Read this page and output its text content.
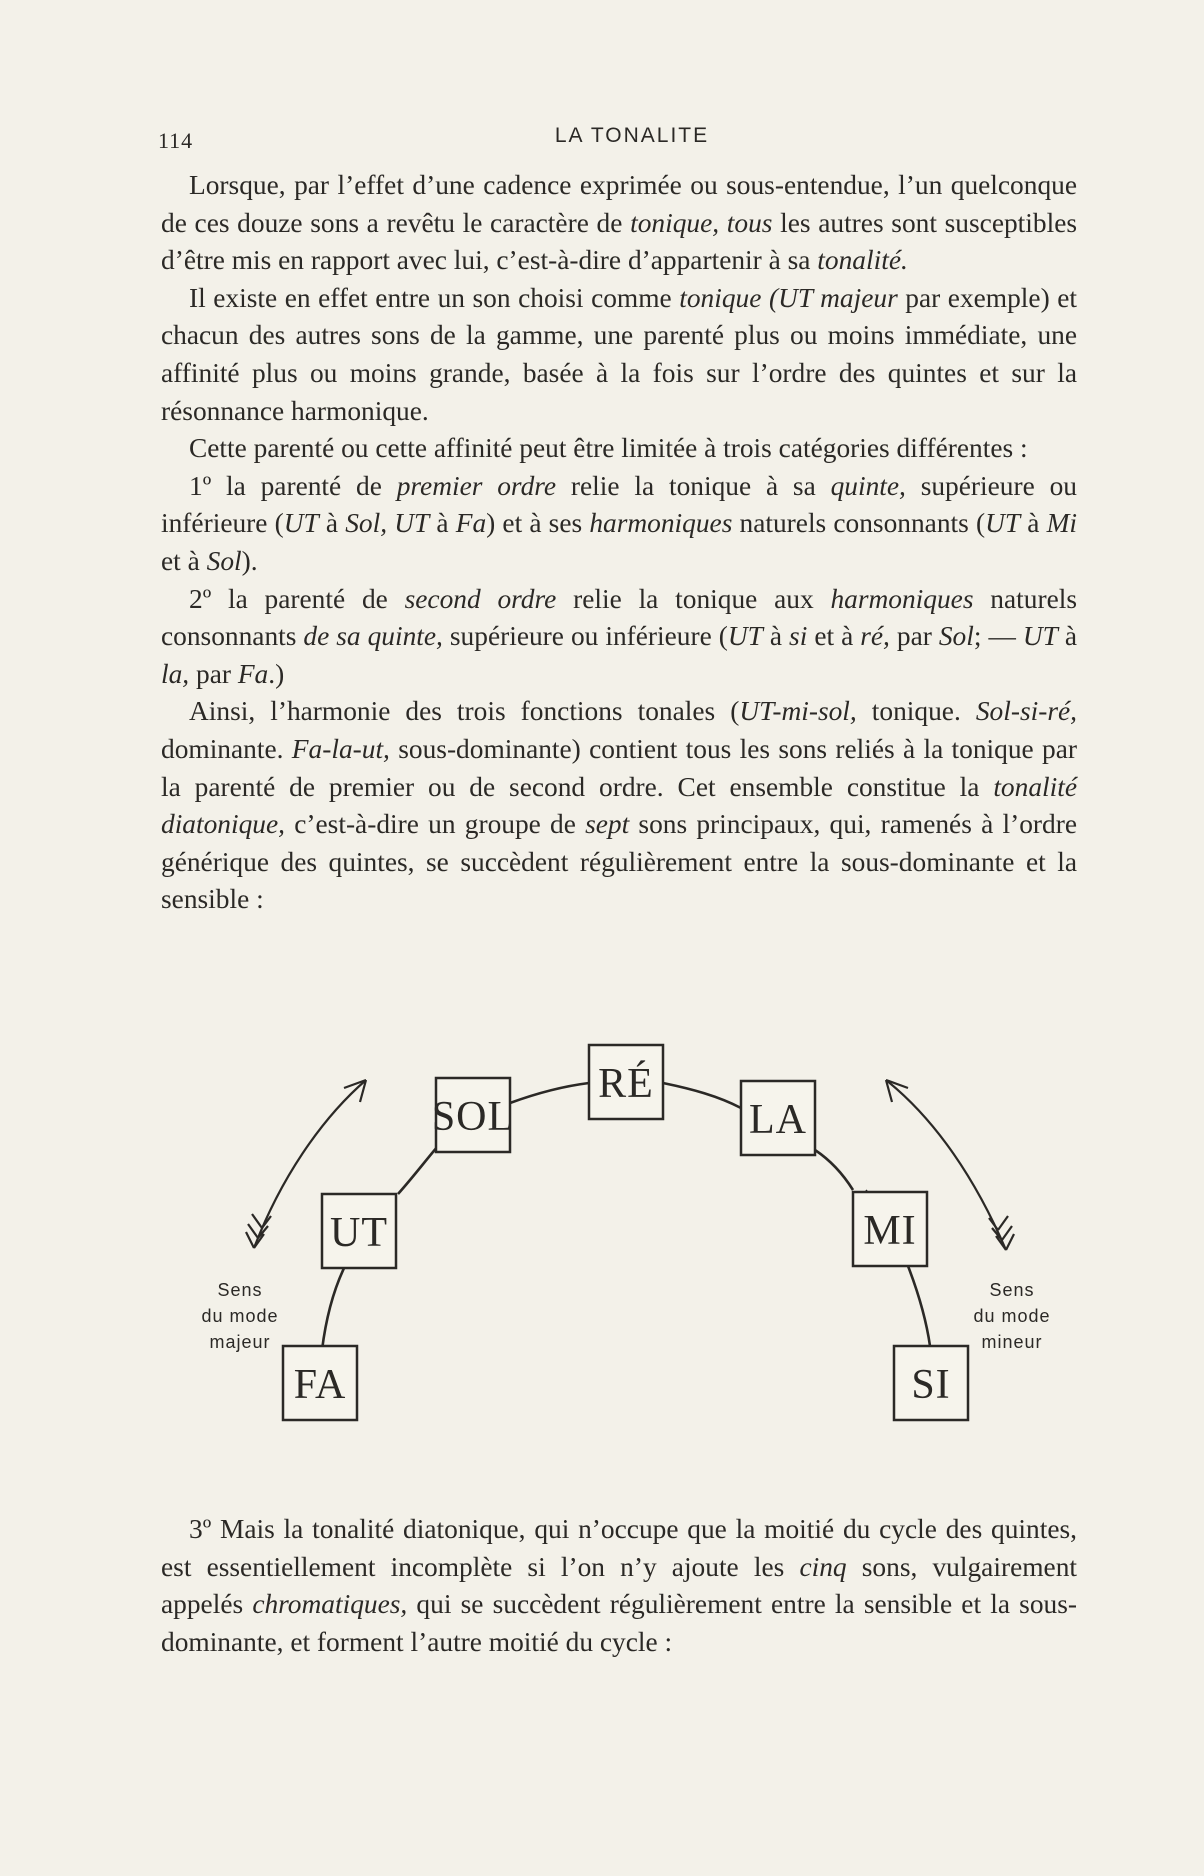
114	LA TONALITE

Lorsque, par l’effet d’une cadence exprimée ou sous-entendue, l’un quelconque de ces douze sons a revêtu le caractère de tonique, tous les autres sont susceptibles d’être mis en rapport avec lui, c’est-à-dire d’appartenir à sa tonalité.

Il existe en effet entre un son choisi comme tonique (UT majeur par exemple) et chacun des autres sons de la gamme, une parenté plus ou moins immédiate, une affinité plus ou moins grande, basée à la fois sur l’ordre des quintes et sur la résonnance harmonique.

Cette parenté ou cette affinité peut être limitée à trois catégories différentes :

1º la parenté de premier ordre relie la tonique à sa quinte, supérieure ou inférieure (UT à Sol, UT à Fa) et à ses harmoniques naturels consonnants (UT à Mi et à Sol).

2º la parenté de second ordre relie la tonique aux harmoniques naturels consonnants de sa quinte, supérieure ou inférieure (UT à si et à ré, par Sol; — UT à la, par Fa.)

Ainsi, l’harmonie des trois fonctions tonales (UT-mi-sol, tonique. Sol-si-ré, dominante. Fa-la-ut, sous-dominante) contient tous les sons reliés à la tonique par la parenté de premier ou de second ordre. Cet ensemble constitue la tonalité diatonique, c’est-à-dire un groupe de sept sons principaux, qui, ramenés à l’ordre générique des quintes, se succèdent régulièrement entre la sous-dominante et la sensible :

FA
UT
SOL
RÉ
LA
MI
SI
Sens
du mode
majeur
Sens
du mode
mineur

3º Mais la tonalité diatonique, qui n’occupe que la moitié du cycle des quintes, est essentiellement incomplète si l’on n’y ajoute les cinq sons, vulgairement appelés chromatiques, qui se succèdent régulièrement entre la sensible et la sous-dominante, et forment l’autre moitié du cycle :
